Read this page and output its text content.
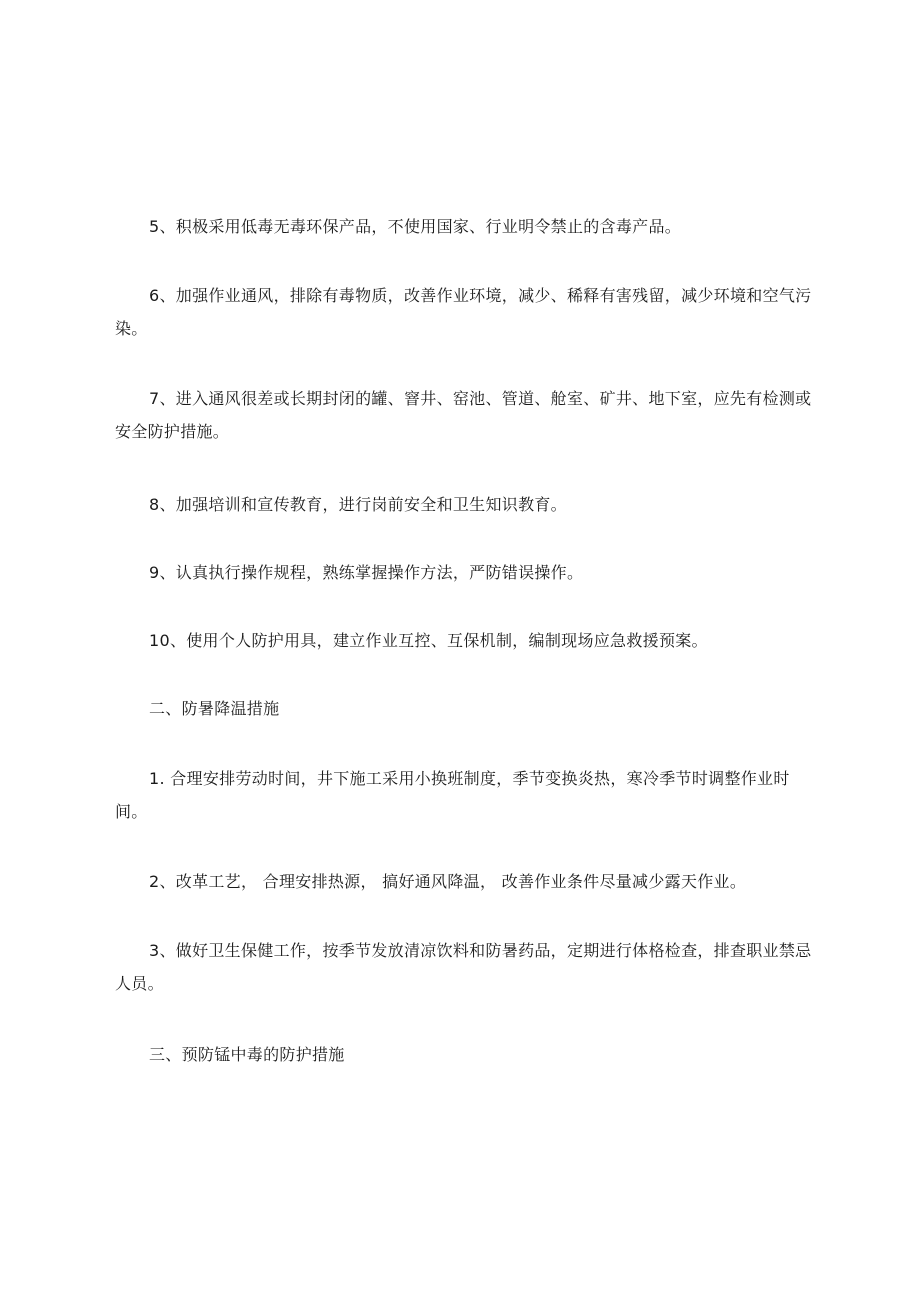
5、积极采用低毒无毒环保产品，不使用国家、行业明令禁止的含毒产品。

6、加强作业通风，排除有毒物质，改善作业环境，减少、稀释有害残留，减少环境和空气污染。

7、进入通风很差或长期封闭的罐、窨井、窑池、管道、舱室、矿井、地下室，应先有检测或安全防护措施。

8、加强培训和宣传教育，进行岗前安全和卫生知识教育。

9、认真执行操作规程，熟练掌握操作方法，严防错误操作。

10、使用个人防护用具，建立作业互控、互保机制，编制现场应急救援预案。

二、防暑降温措施

1. 合理安排劳动时间，井下施工采用小换班制度，季节变换炎热，寒冷季节时调整作业时间。

2、改革工艺， 合理安排热源， 搞好通风降温， 改善作业条件尽量减少露天作业。

3、做好卫生保健工作，按季节发放清凉饮料和防暑药品，定期进行体格检查，排查职业禁忌人员。

三、预防锰中毒的防护措施
